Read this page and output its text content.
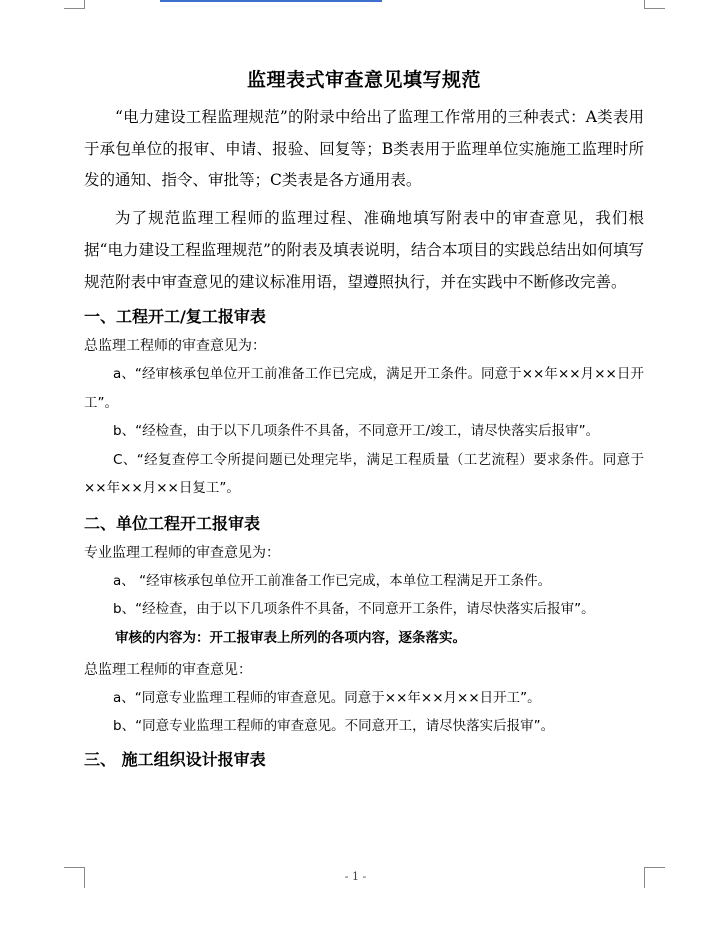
监理表式审查意见填写规范

“电力建设工程监理规范”的附录中给出了监理工作常用的三种表式：A类表用于承包单位的报审、申请、报验、回复等；B类表用于监理单位实施施工监理时所发的通知、指令、审批等；C类表是各方通用表。

为了规范监理工程师的监理过程、准确地填写附表中的审查意见，我们根据“电力建设工程监理规范”的附表及填表说明，结合本项目的实践总结出如何填写规范附表中审查意见的建议标准用语，望遵照执行，并在实践中不断修改完善。

一、工程开工/复工报审表

总监理工程师的审查意见为：

a、“经审核承包单位开工前准备工作已完成，满足开工条件。同意于××年××月××日开工”。

b、“经检查，由于以下几项条件不具备，不同意开工/竣工，请尽快落实后报审”。

C、“经复查停工令所提问题已处理完毕，满足工程质量（工艺流程）要求条件。同意于××年××月××日复工”。

二、单位工程开工报审表

专业监理工程师的审查意见为：

a、 “经审核承包单位开工前准备工作已完成，本单位工程满足开工条件。

b、“经检查，由于以下几项条件不具备，不同意开工条件，请尽快落实后报审”。

审核的内容为：开工报审表上所列的各项内容，逐条落实。

总监理工程师的审查意见：

a、“同意专业监理工程师的审查意见。同意于××年××月××日开工”。

b、“同意专业监理工程师的审查意见。不同意开工，请尽快落实后报审”。

三、 施工组织设计报审表
- 1 -
